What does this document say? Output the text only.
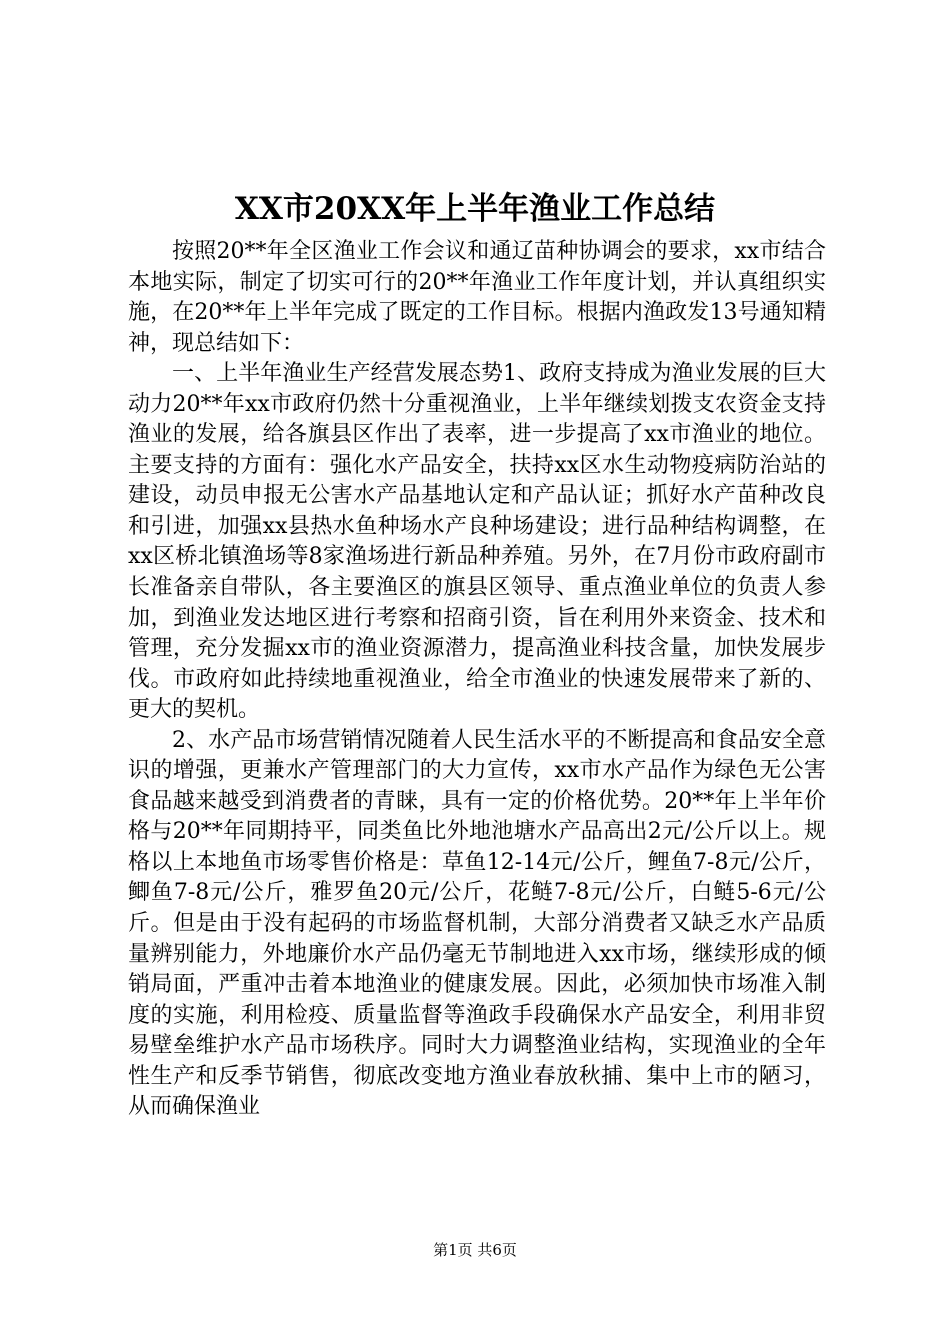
XX市20XX年上半年渔业工作总结

按照20**年全区渔业工作会议和通辽苗种协调会的要求，xx市结合本地实际，制定了切实可行的20**年渔业工作年度计划，并认真组织实施，在20**年上半年完成了既定的工作目标。根据内渔政发13号通知精神，现总结如下：

一、上半年渔业生产经营发展态势1、政府支持成为渔业发展的巨大动力20**年xx市政府仍然十分重视渔业，上半年继续划拨支农资金支持渔业的发展，给各旗县区作出了表率，进一步提高了xx市渔业的地位。主要支持的方面有：强化水产品安全，扶持xx区水生动物疫病防治站的建设，动员申报无公害水产品基地认定和产品认证；抓好水产苗种改良和引进，加强xx县热水鱼种场水产良种场建设；进行品种结构调整，在xx区桥北镇渔场等8家渔场进行新品种养殖。另外，在7月份市政府副市长准备亲自带队，各主要渔区的旗县区领导、重点渔业单位的负责人参加，到渔业发达地区进行考察和招商引资，旨在利用外来资金、技术和管理，充分发掘xx市的渔业资源潜力，提高渔业科技含量，加快发展步伐。市政府如此持续地重视渔业，给全市渔业的快速发展带来了新的、更大的契机。

2、水产品市场营销情况随着人民生活水平的不断提高和食品安全意识的增强，更兼水产管理部门的大力宣传，xx市水产品作为绿色无公害食品越来越受到消费者的青睐，具有一定的价格优势。20**年上半年价格与20**年同期持平，同类鱼比外地池塘水产品高出2元/公斤以上。规格以上本地鱼市场零售价格是：草鱼12-14元/公斤，鲤鱼7-8元/公斤，鲫鱼7-8元/公斤，雅罗鱼20元/公斤，花鲢7-8元/公斤，白鲢5-6元/公斤。但是由于没有起码的市场监督机制，大部分消费者又缺乏水产品质量辨别能力，外地廉价水产品仍毫无节制地进入xx市场，继续形成的倾销局面，严重冲击着本地渔业的健康发展。因此，必须加快市场准入制度的实施，利用检疫、质量监督等渔政手段确保水产品安全，利用非贸易壁垒维护水产品市场秩序。同时大力调整渔业结构，实现渔业的全年性生产和反季节销售，彻底改变地方渔业春放秋捕、集中上市的陋习，从而确保渔业

第1页 共6页
